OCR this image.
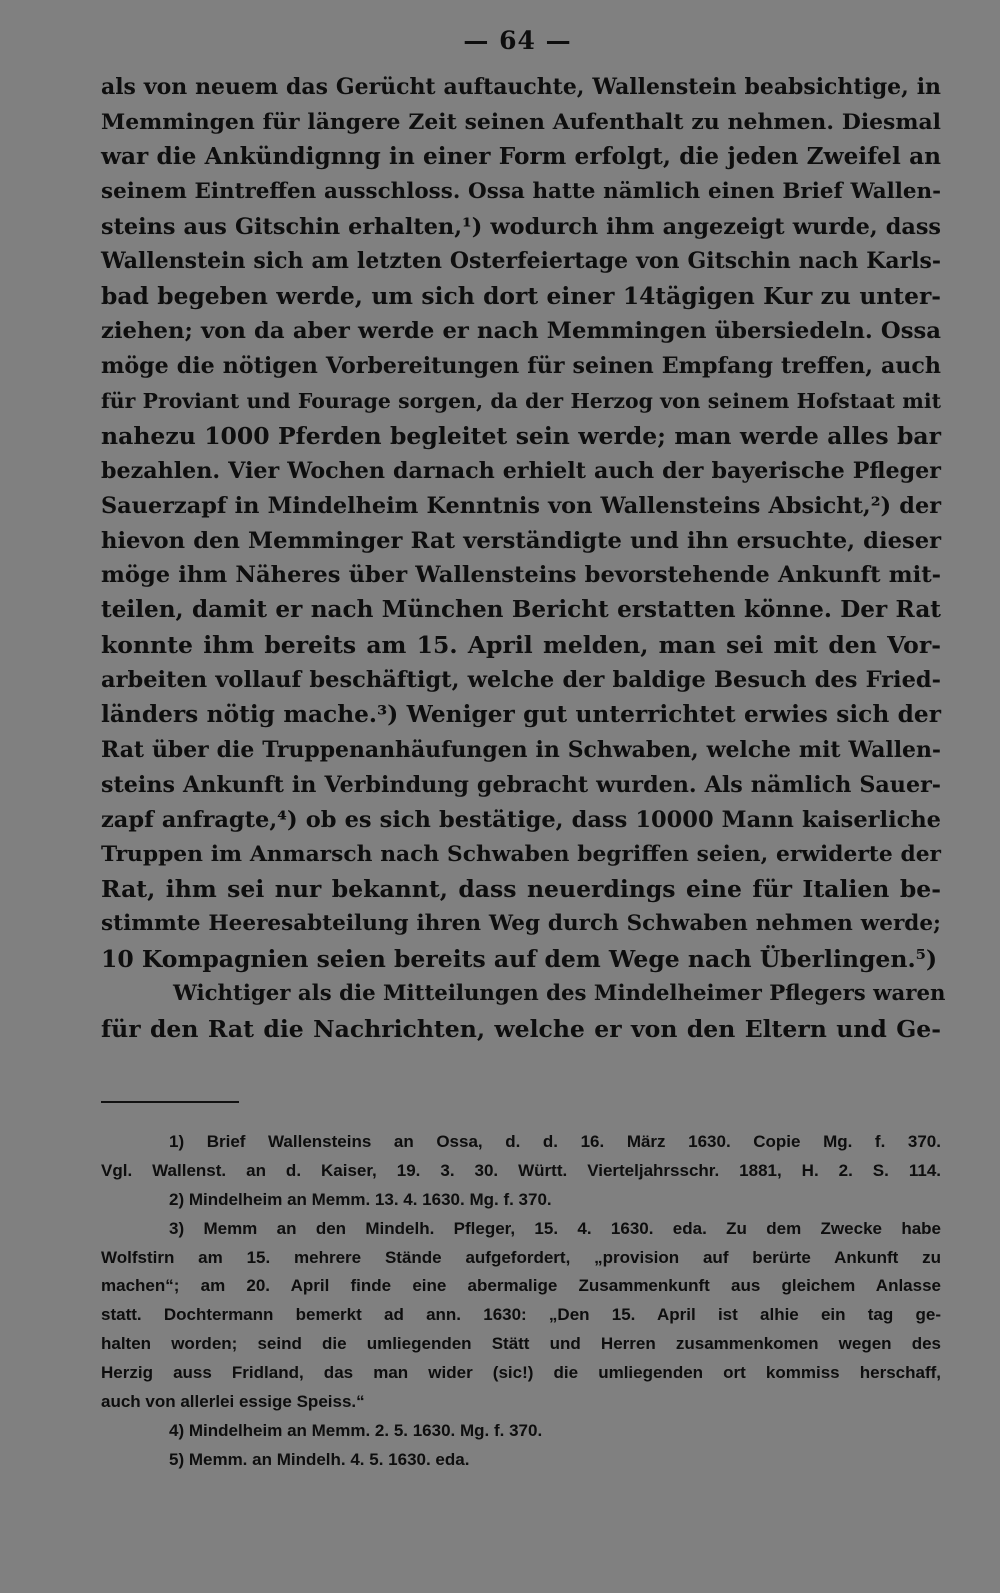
— 64 —
als von neuem das Gerücht auftauchte, Wallenstein beabsichtige, in
Memmingen für längere Zeit seinen Aufenthalt zu nehmen. Diesmal
war die Ankündignng in einer Form erfolgt, die jeden Zweifel an
seinem Eintreffen ausschloss. Ossa hatte nämlich einen Brief Wallen-
steins aus Gitschin erhalten,¹) wodurch ihm angezeigt wurde, dass
Wallenstein sich am letzten Osterfeiertage von Gitschin nach Karls-
bad begeben werde, um sich dort einer 14tägigen Kur zu unter-
ziehen; von da aber werde er nach Memmingen übersiedeln. Ossa
möge die nötigen Vorbereitungen für seinen Empfang treffen, auch
für Proviant und Fourage sorgen, da der Herzog von seinem Hofstaat mit
nahezu 1000 Pferden begleitet sein werde; man werde alles bar
bezahlen. Vier Wochen darnach erhielt auch der bayerische Pfleger
Sauerzapf in Mindelheim Kenntnis von Wallensteins Absicht,²) der
hievon den Memminger Rat verständigte und ihn ersuchte, dieser
möge ihm Näheres über Wallensteins bevorstehende Ankunft mit-
teilen, damit er nach München Bericht erstatten könne. Der Rat
konnte ihm bereits am 15. April melden, man sei mit den Vor-
arbeiten vollauf beschäftigt, welche der baldige Besuch des Fried-
länders nötig mache.³) Weniger gut unterrichtet erwies sich der
Rat über die Truppenanhäufungen in Schwaben, welche mit Wallen-
steins Ankunft in Verbindung gebracht wurden. Als nämlich Sauer-
zapf anfragte,⁴) ob es sich bestätige, dass 10000 Mann kaiserliche
Truppen im Anmarsch nach Schwaben begriffen seien, erwiderte der
Rat, ihm sei nur bekannt, dass neuerdings eine für Italien be-
stimmte Heeresabteilung ihren Weg durch Schwaben nehmen werde;
10 Kompagnien seien bereits auf dem Wege nach Überlingen.⁵)
Wichtiger als die Mitteilungen des Mindelheimer Pflegers waren
für den Rat die Nachrichten, welche er von den Eltern und Ge-
1) Brief Wallensteins an Ossa, d. d. 16. März 1630. Copie Mg. f. 370.
Vgl. Wallenst. an d. Kaiser, 19. 3. 30. Württ. Vierteljahrsschr. 1881, H. 2. S. 114.
2) Mindelheim an Memm. 13. 4. 1630. Mg. f. 370.
3) Memm an den Mindelh. Pfleger, 15. 4. 1630. eda. Zu dem Zwecke habe
Wolfstirn am 15. mehrere Stände aufgefordert, „provision auf berürte Ankunft zu
machen“; am 20. April finde eine abermalige Zusammenkunft aus gleichem Anlasse
statt. Dochtermann bemerkt ad ann. 1630: „Den 15. April ist alhie ein tag ge-
halten worden; seind die umliegenden Stätt und Herren zusammenkomen wegen des
Herzig auss Fridland, das man wider (sic!) die umliegenden ort kommiss herschaff,
auch von allerlei essige Speiss.“
4) Mindelheim an Memm. 2. 5. 1630. Mg. f. 370.
5) Memm. an Mindelh. 4. 5. 1630. eda.
